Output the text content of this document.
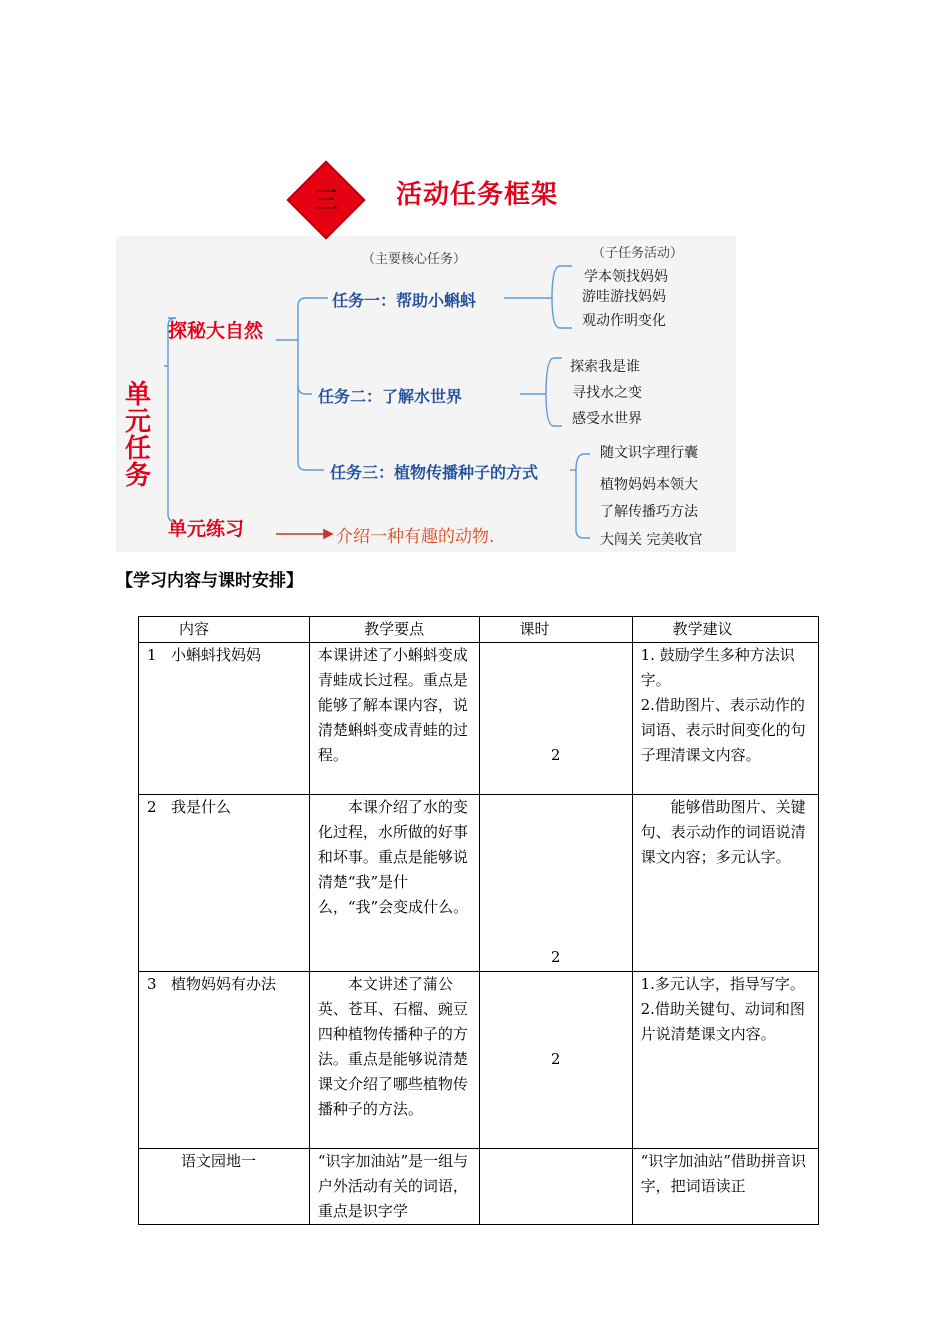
三	活动任务框架
（主要核心任务）	（子任务活动）
单元任务
探秘大自然
单元练习	介绍一种有趣的动物.
任务一：帮助小蝌蚪
学本领找妈妈
游哇游找妈妈
观动作明变化
任务二：了解水世界
探索我是谁
寻找水之变
感受水世界
任务三：植物传播种子的方式
随文识字理行囊
植物妈妈本领大
了解传播巧方法
大闯关 完美收官
【学习内容与课时安排】
内容	教学要点	课时	教学建议
1 小蝌蚪找妈妈	本课讲述了小蝌蚪变成青蛙成长过程。重点是能够了解本课内容，说清楚蝌蚪变成青蛙的过程。	2	1. 鼓励学生多种方法识字。
2.借助图片、表示动作的词语、表示时间变化的句子理清课文内容。

2 我是什么	本课介绍了水的变化过程，水所做的好事和坏事。重点是能够说清楚“我”是什么，“我”会变成什么。	2	能够借助图片、关键句、表示动作的词语说清课文内容；多元认字。

3 植物妈妈有办法	本文讲述了蒲公英、苍耳、石榴、豌豆四种植物传播种子的方法。重点是能够说清楚课文介绍了哪些植物传播种子的方法。	2	1.多元认字，指导写字。
2.借助关键句、动词和图片说清楚课文内容。

语文园地一	“识字加油站”是一组与户外活动有关的词语，重点是识字学		“识字加油站”借助拼音识字，把词语读正
